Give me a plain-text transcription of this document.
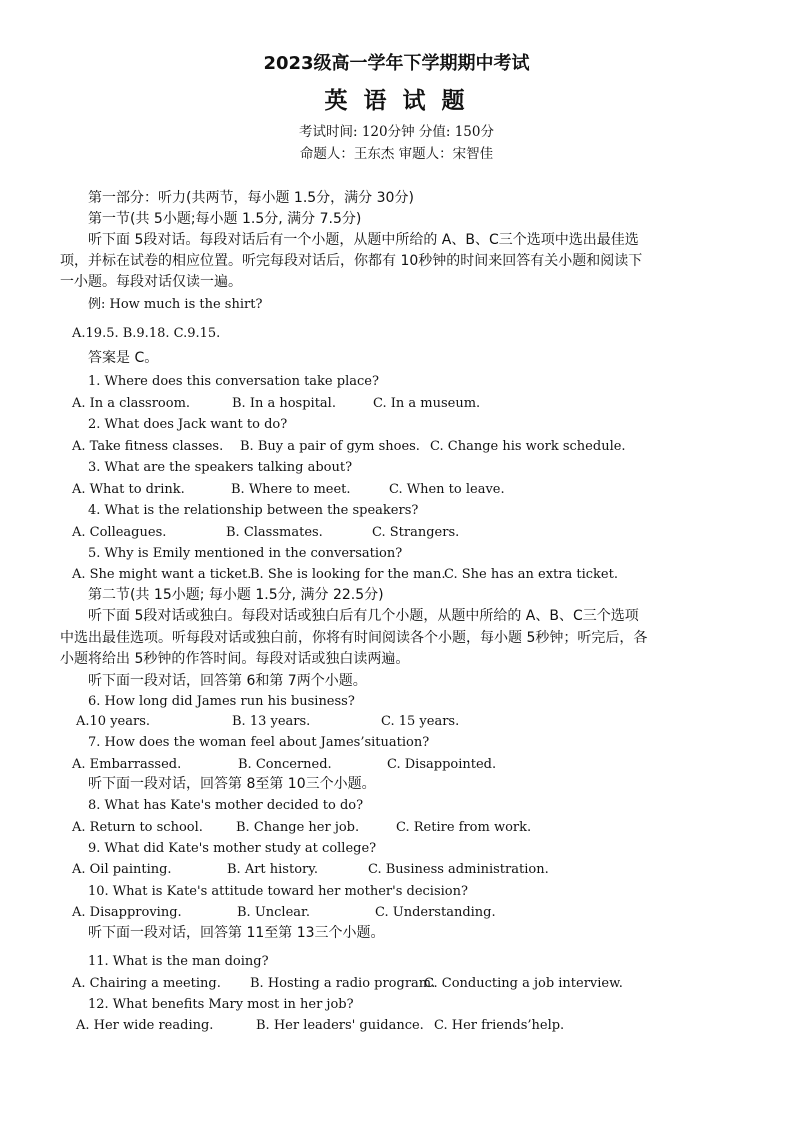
2023级高一学年下学期期中考试
英 语 试 题
考试时间: 120分钟 分值: 150分
命题人：王东杰 审题人：宋智佳
第一部分：听力(共两节，每小题 1.5分，满分 30分)
第一节(共 5小题;每小题 1.5分, 满分 7.5分)
听下面 5段对话。每段对话后有一个小题，从题中所给的 A、B、C三个选项中选出最佳选
项，并标在试卷的相应位置。听完每段对话后，你都有 10秒钟的时间来回答有关小题和阅读下
一小题。每段对话仅读一遍。
例: How much is the shirt?
A.19.5. B.9.18. C.9.15.
答案是 C。
1. Where does this conversation take place?
A. In a classroom.	B. In a hospital.	C. In a museum.
2. What does Jack want to do?
A. Take fitness classes. B. Buy a pair of gym shoes. C. Change his work schedule.
3. What are the speakers talking about?
A. What to drink.	B. Where to meet.	C. When to leave.
4. What is the relationship between the speakers?
A. Colleagues.	B. Classmates.	C. Strangers.
5. Why is Emily mentioned in the conversation?
A. She might want a ticket.
B. She is looking for the man.
C. She has an extra ticket.
第二节(共 15小题; 每小题 1.5分, 满分 22.5分)
听下面 5段对话或独白。每段对话或独白后有几个小题，从题中所给的 A、B、C三个选项
中选出最佳选项。听每段对话或独白前，你将有时间阅读各个小题，每小题 5秒钟；听完后，各
小题将给出 5秒钟的作答时间。每段对话或独白读两遍。
听下面一段对话，回答第 6和第 7两个小题。
6. How long did James run his business?
A.10 years.	B. 13 years.	C. 15 years.
7. How does the woman feel about James’situation?
A. Embarrassed.	B. Concerned.	C. Disappointed.
听下面一段对话，回答第 8至第 10三个小题。
8. What has Kate's mother decided to do?
A. Return to school.	B. Change her job.	C. Retire from work.
9. What did Kate's mother study at college?
A. Oil painting.	B. Art history.	C. Business administration.
10. What is Kate's attitude toward her mother's decision?
A. Disapproving.	B. Unclear.	C. Understanding.
听下面一段对话，回答第 11至第 13三个小题。
11. What is the man doing?
A. Chairing a meeting. B. Hosting a radio program.
C. Conducting a job interview.
12. What benefits Mary most in her job?
A. Her wide reading.	B. Her leaders' guidance. C. Her friends’help.
